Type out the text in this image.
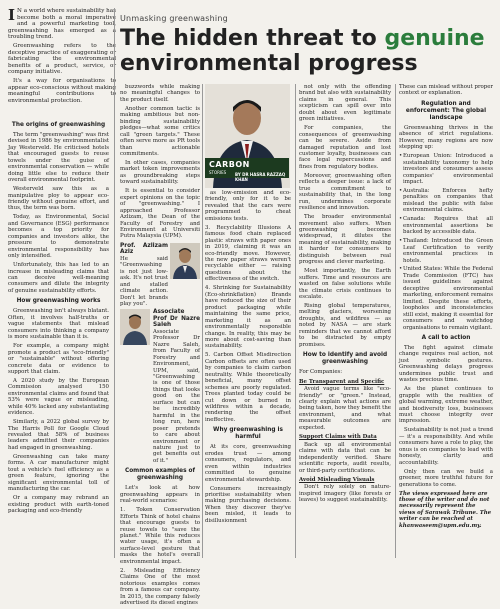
I N a world where sustainability has become both a moral imperative and a powerful marketing tool, greenwashing has emerged as a troubling trend.

Greenwashing refers to the deceptive practice of exaggerating or fabricating the environmental benefits of a product, service, or company initiative.

It's a way for organisations to appear eco-conscious without making meaningful contributions to environmental protection.

Unmasking greenwashing
The hidden threat to genuine
environmental progress
The origins of greenwashing

The term "greenwashing" was first devised in 1986 by environmentalist Jay Westerveld. He criticised hotels that encouraged guests to reuse towels under the guise of environmental conservation — while doing little else to reduce their overall environmental footprint.

Westerveld saw this as a manipulative ploy to appear eco-friendly without genuine effort, and thus, the term was born.

Today, as Environmental, Social and Governance (ESG) performance becomes a top priority for companies and investors alike, the pressure to demonstrate environmental responsibility has only intensified.

Unfortunately, this has led to an increase in misleading claims that can deceive well-meaning consumers and dilute the integrity of genuine sustainability efforts.

How greenwashing works

Greenwashing isn't always blatant. Often, it involves half-truths or vague statements that mislead consumers into thinking a company is more sustainable than it is.

For example, a company might promote a product as "eco-friendly" or "sustainable" without offering concrete data or evidence to support that claim.

A 2020 study by the European Commission analysed 150 environmental claims and found that 53% were vague or misleading, while 40% lacked any substantiating evidence.

Similarly, a 2022 global survey by The Harris Poll for Google Cloud revealed that 58% of business leaders admitted their companies had engaged in greenwashing.

Greenwashing can take many forms. A car manufacturer might tout a vehicle's fuel efficiency as a green feature, ignoring the significant environmental toll of manufacturing the car.

Or a company may rebrand an existing product with earth-toned packaging and eco-friendly

buzzwords while making no meaningful changes to the product itself.

Another common tactic is making ambitious but non-binding sustainability pledges—what some critics call "green targets." These often serve more as PR tools than actionable commitments.

In other cases, companies market token improvements as groundbreaking steps toward sustainability.

It is essential to consider expert opinions on the topic of "greenwashing." I approached Professor Azlizam, the Dean of the Faculty of Forestry and Environment at Universiti Putra Malaysia (UPM).

Prof. Azlizam Aziz

He said "Greenwashing is not just low-ask. It's not trust and stalled climate action. Don't let brands play you".

Associate Prof Dr Nazre Saleh

Associate Professor Dr Nazre Saleh, from Faculty of Forestry and Environment, UPM, said, "Greenwashing is one of those things that looks good on the surface but can be incredibly harmful in the long run, here poser pretends to care about environment or nature just to get benefits out of it."

Common examples of greenwashing

Let's look at how greenwashing appears in real-world scenarios:

1. Token Conservation Efforts Think of hotel chains that encourage guests to reuse towels to "save the planet." While this reduces water usage, it's often a surface-level gesture that masks the hotel's overall environmental impact.

2. Misleading Efficiency Claims One of the most notorious examples comes from a famous car company. In 2015, the company falsely advertised its diesel engines

CARBON
STORIES BY DR HASRA RAZZAQ KHAN

as low-emission and eco-friendly, only for it to be revealed that the cars were programmed to cheat emissions tests.

3. Recyclability Illusions A famous food chain replaced plastic straws with paper ones in 2019, claiming it was an eco-friendly move. However, the new paper straws weren't recyclable either — raising questions about the effectiveness of the switch.

4. Shrinking for Sustainability (Eco-shrinkflation) Brands have reduced the size of their product packaging while maintaining the same price, marketing it as an environmentally responsible change. In reality, this may be more about cost-saving than sustainability.

5. Carbon Offset Misdirection Carbon offsets are often used by companies to claim carbon neutrality. While theoretically beneficial, many offset schemes are poorly regulated. Trees planted today could be cut down or burned in wildfires within a decade, rendering the offset ineffective.

Why greenwashing is harmful

At its core, greenwashing erodes trust — among consumers, regulators, and even within industries committed to genuine environmental stewardship.

Consumers increasingly prioritise sustainability when making purchasing decisions. When they discover they've been misled, it leads to disillusionment

not only with the offending brand but also with sustainability claims in general. This scepticism can spill over into doubt about even legitimate green initiatives.

For companies, the consequences of greenwashing can be severe. Aside from damaged reputation and lost customer loyalty, businesses can face legal repercussions and fines from regulatory bodies.

Moreover, greenwashing often reflects a deeper issue: a lack of true commitment to sustainability that, in the long run, undermines corporate resilience and innovation.

The broader environmental movement also suffers. When greenwashing becomes widespread, it dilutes the meaning of sustainability, making it harder for consumers to distinguish between real progress and clever marketing.

Most importantly, the Earth suffers. Time and resources are wasted on false solutions while the climate crisis continues to escalate.

Rising global temperatures, melting glaciers, worsening droughts, and wildfires — as noted by NASA — are stark reminders that we cannot afford to be distracted by empty promises.

How to identify and avoid greenwashing

For Companies:

Be Transparent and Specific

Avoid vague terms like "eco-friendly" or "green." Instead, clearly explain what actions are being taken, how they benefit the environment, and what measurable outcomes are expected.

Support Claims with Data

Back up all environmental claims with data that can be independently verified. Share scientific reports, audit results, or third-party certifications.

Avoid Misleading Visuals

Don't rely solely on nature-inspired imagery (like forests or leaves) to suggest sustainability.

These can mislead without proper context or explanation.

Regulation and enforcement: The global landscape

Greenwashing thrives in the absence of strict regulations. However, many regions are now stepping up:

• European Union: Introduced a sustainability taxonomy to help investors and consumers assess companies' environmental impact.

• Australia: Enforces hefty penalties on companies that mislead the public with false environmental claims.

• Canada: Requires that all environmental assertions be backed by accessible data.

• Thailand: Introduced the Green Leaf Certification to verify environmental practices in hotels.

• United States: While the Federal Trade Commission (FTC) has issued guidelines against deceptive environmental marketing, enforcement remains limited. Despite these efforts, loopholes and inconsistencies still exist, making it essential for consumers and watchdog organisations to remain vigilant.

A call to action

The fight against climate change requires real action, not just symbolic gestures. Greenwashing delays progress undermines public trust and wastes precious time.

As the planet continues to grapple with the realities of global warming, extreme weather, and biodiversity loss, businesses must choose integrity over impression.

Sustainability is not just a trend — it's a responsibility. And while consumers have a role to play, the onus is on companies to lead with honesty, clarity and accountability.

Only then can we build a greener, more truthful future for generations to come.

The views expressed here are those of the writer and do not necessarily represent the views of Sarawak Tribune. The writer can be reached at khanwaseem@upm.edu.my.
